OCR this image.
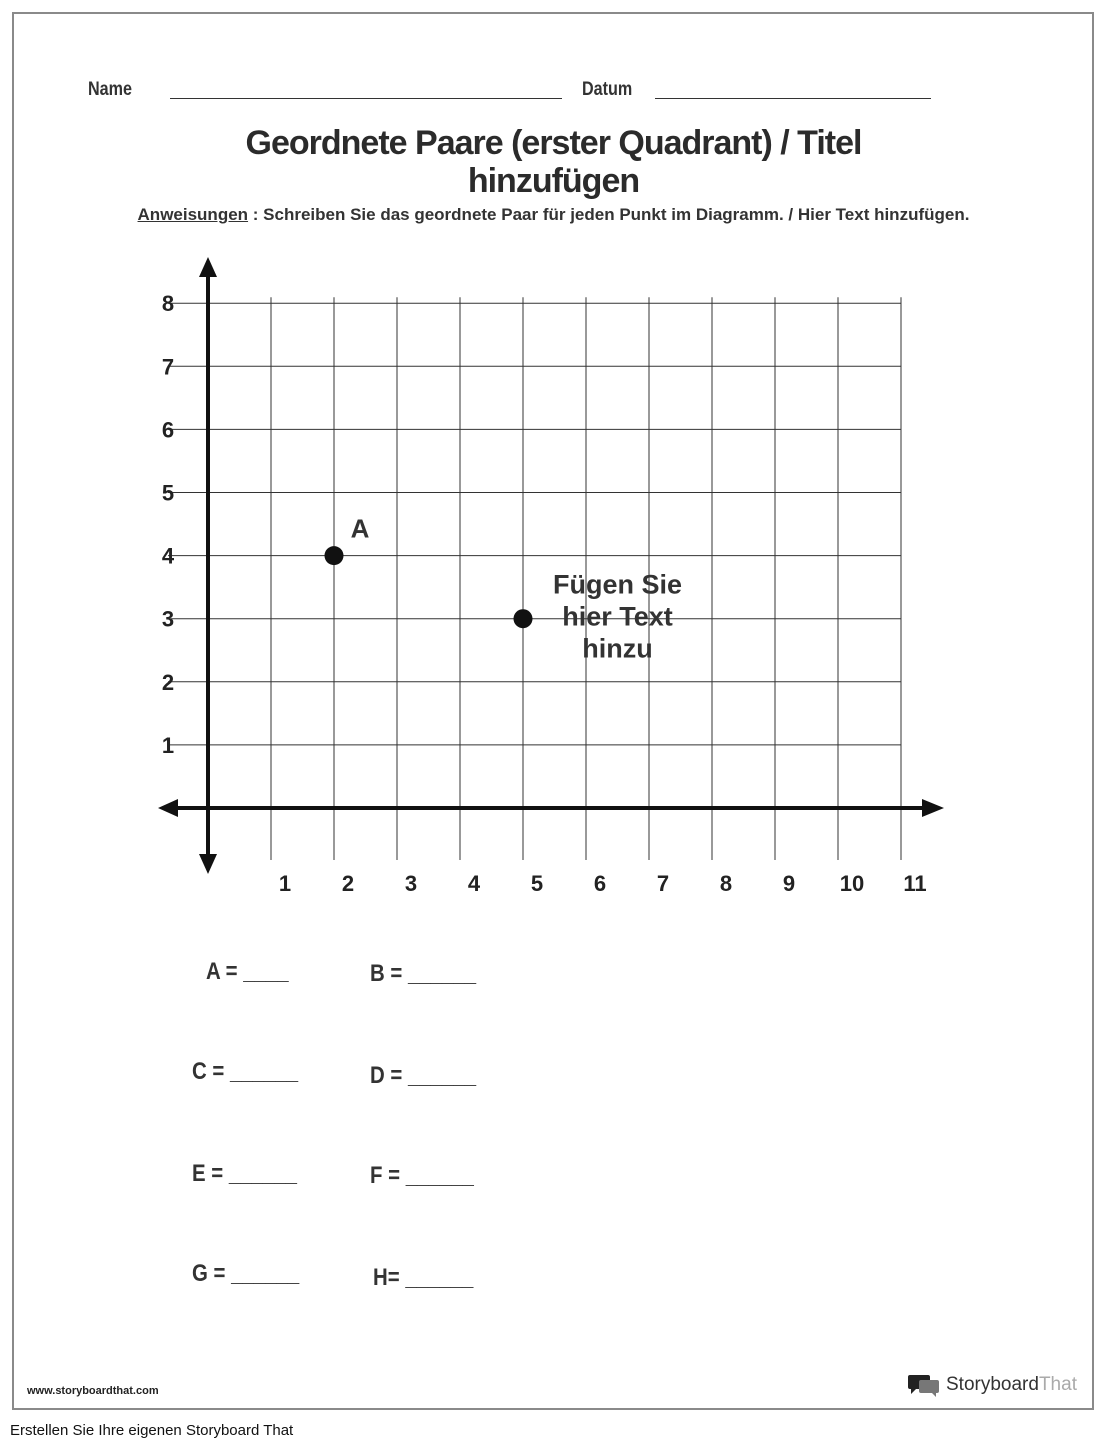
Name	Datum
Geordnete Paare (erster Quadrant) / Titel
hinzufügen
Anweisungen : Schreiben Sie das geordnete Paar für jeden Punkt im Diagramm. / Hier Text hinzufügen.
1 2 3 4 5 6 7 8 9 10 11
1
2
3
4
5
6
7
8
A
Fügen Sie
hier Text
hinzu
A = ____	B = ______
C = ______	D = ______
E = ______	F = ______
G = ______	H= ______
www.storyboardthat.com	StoryboardThat
Erstellen Sie Ihre eigenen Storyboard That
